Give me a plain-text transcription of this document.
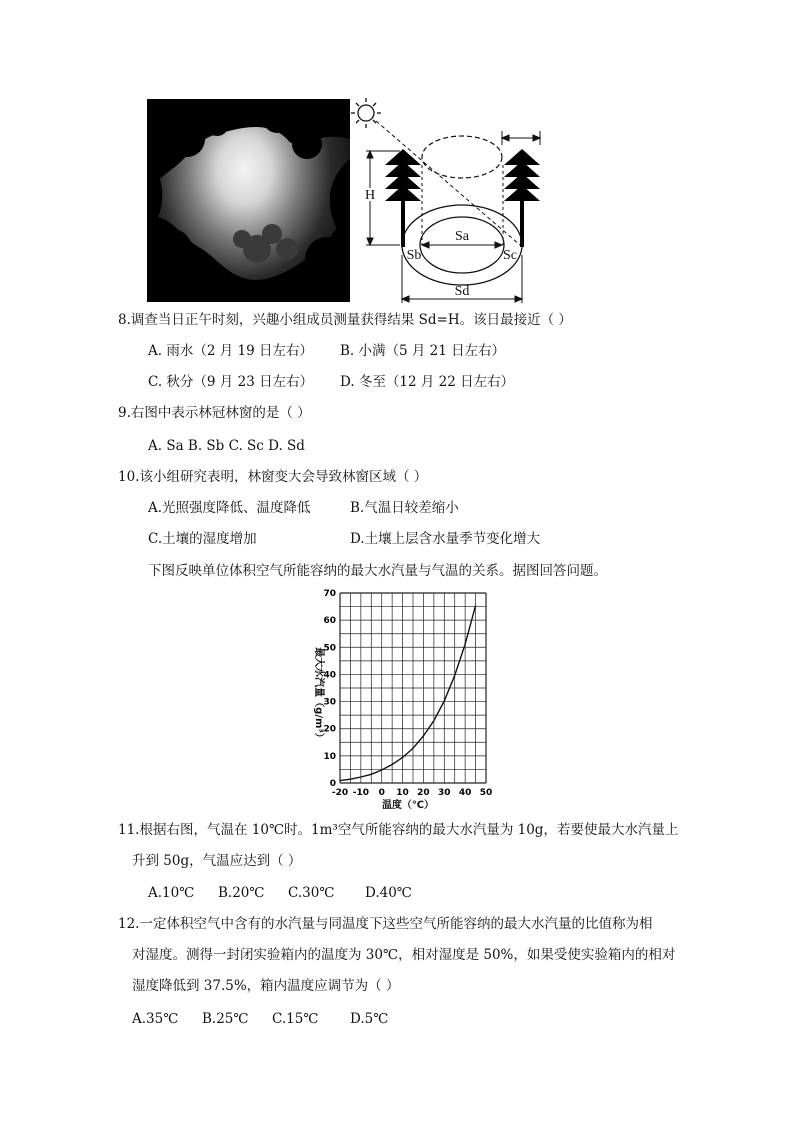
H
Sa
Sb	Sc
Sd
8.调查当日正午时刻，兴趣小组成员测量获得结果 Sd=H。该日最接近（ ）
A. 雨水（2 月 19 日左右） B. 小满（5 月 21 日左右）
C. 秋分（9 月 23 日左右） D. 冬至（12 月 22 日左右）
9.右图中表示林冠林窗的是（ ）
A. Sa B. Sb C. Sc D. Sd
10.该小组研究表明，林窗变大会导致林窗区域（ ）
A.光照强度降低、温度降低	B.气温日较差缩小
C.土壤的湿度增加	D.土壤上层含水量季节变化增大
下图反映单位体积空气所能容纳的最大水汽量与气温的关系。据图回答问题。
0
10
20
30
40
50
60
70
-20 -10 0 10 20 30 40 50
最大水汽量（g/m³）
温度（℃）
11.根据右图，气温在 10℃时。1m³空气所能容纳的最大水汽量为 10g，若要使最大水汽量上
升到 50g，气温应达到（ ）
A.10℃ B.20℃ C.30℃ D.40℃
12.一定体积空气中含有的水汽量与同温度下这些空气所能容纳的最大水汽量的比值称为相
对湿度。测得一封闭实验箱内的温度为 30℃，相对湿度是 50%，如果受使实验箱内的相对
湿度降低到 37.5%，箱内温度应调节为（ ）
A.35℃ B.25℃ C.15℃ D.5℃
